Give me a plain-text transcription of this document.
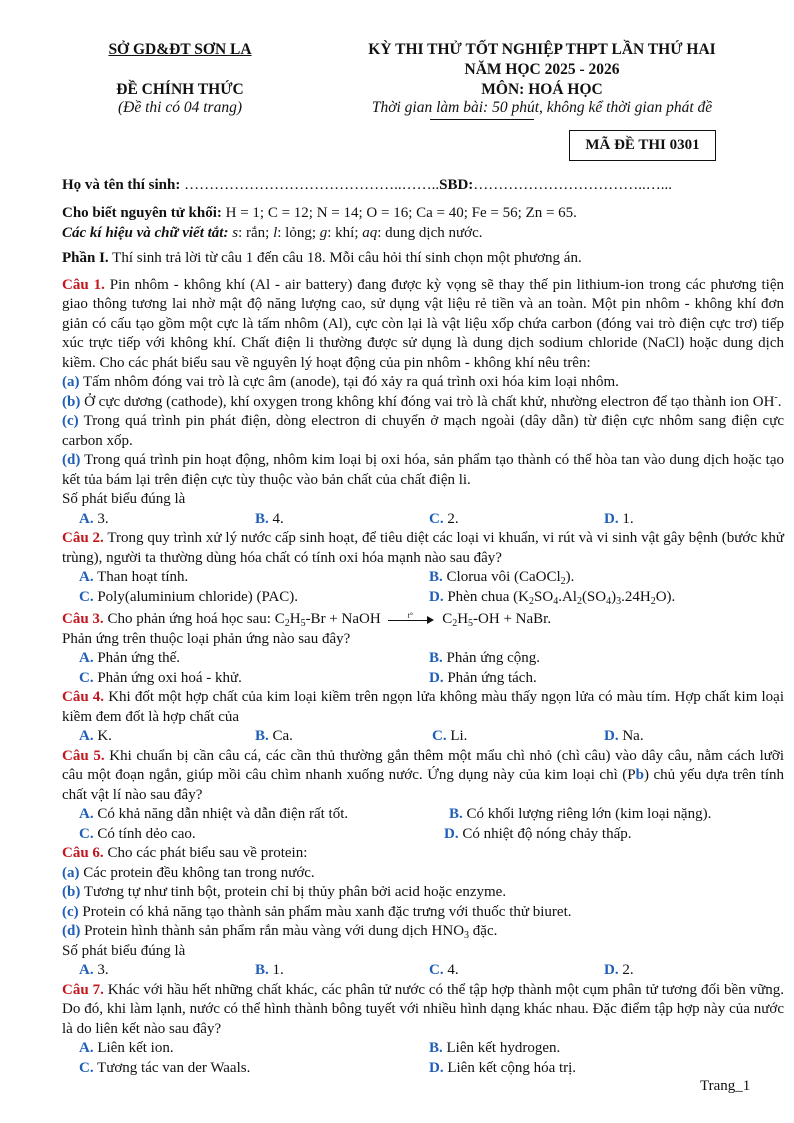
SỞ GD&ĐT SƠN LA	KỲ THI THỬ TỐT NGHIỆP THPT LẦN THỨ HAI
NĂM HỌC 2025 - 2026
ĐỀ CHÍNH THỨC	MÔN: HOÁ HỌC
(Đề thi có 04 trang)	Thời gian làm bài: 50 phút, không kể thời gian phát đề
MÃ ĐỀ THI 0301
Họ và tên thí sinh: ……………………………………..……..SBD:……………………………..…...

Cho biết nguyên tử khối: H = 1; C = 12; N = 14; O = 16; Ca = 40; Fe = 56; Zn = 65.

Các kí hiệu và chữ viết tắt: s: rắn; l: lỏng; g: khí; aq: dung dịch nước.

Phần I. Thí sinh trả lời từ câu 1 đến câu 18. Mỗi câu hỏi thí sinh chọn một phương án.

Câu 1. Pin nhôm - không khí (Al - air battery) đang được kỳ vọng sẽ thay thế pin lithium-ion trong các phương tiện giao thông tương lai nhờ mật độ năng lượng cao, sử dụng vật liệu rẻ tiền và an toàn. Một pin nhôm - không khí đơn giản có cấu tạo gồm một cực là tấm nhôm (Al), cực còn lại là vật liệu xốp chứa carbon (đóng vai trò điện cực trơ) tiếp xúc trực tiếp với không khí. Chất điện li thường được sử dụng là dung dịch sodium chloride (NaCl) hoặc dung dịch kiềm. Cho các phát biểu sau về nguyên lý hoạt động của pin nhôm - không khí nêu trên:

(a) Tấm nhôm đóng vai trò là cực âm (anode), tại đó xảy ra quá trình oxi hóa kim loại nhôm.

(b) Ở cực dương (cathode), khí oxygen trong không khí đóng vai trò là chất khử, nhường electron để tạo thành ion OH-.

(c) Trong quá trình pin phát điện, dòng electron di chuyển ở mạch ngoài (dây dẫn) từ điện cực nhôm sang điện cực carbon xốp.

(d) Trong quá trình pin hoạt động, nhôm kim loại bị oxi hóa, sản phẩm tạo thành có thể hòa tan vào dung dịch hoặc tạo kết tủa bám lại trên điện cực tùy thuộc vào bản chất của chất điện li.

Số phát biểu đúng là

A. 3.	B. 4.	C. 2.	D. 1.

Câu 2. Trong quy trình xử lý nước cấp sinh hoạt, để tiêu diệt các loại vi khuẩn, vi rút và vi sinh vật gây bệnh (bước khử trùng), người ta thường dùng hóa chất có tính oxi hóa mạnh nào sau đây?

A. Than hoạt tính.	B. Clorua vôi (CaOCl$_2$).
C. Poly(aluminium chloride) (PAC).	D. Phèn chua $(K_2SO_4.Al_2(SO_4)_3.24H_2O)$.

Câu 3. Cho phản ứng hoá học sau: $C_2H_5-Br$ + NaOH	t° $C_2H_5-OH$ + NaBr.

Phản ứng trên thuộc loại phản ứng nào sau đây?

A. Phản ứng thế.	B. Phản ứng cộng.
C. Phản ứng oxi hoá - khử.	D. Phản ứng tách.

Câu 4. Khi đốt một hợp chất của kim loại kiềm trên ngọn lửa không màu thấy ngọn lửa có màu tím. Hợp chất kim loại kiềm đem đốt là hợp chất của

A. K.	B. Ca.	C. Li.	D. Na.

Câu 5. Khi chuẩn bị cần câu cá, các cần thủ thường gắn thêm một mẩu chì nhỏ (chì câu) vào dây câu, nằm cách lưỡi câu một đoạn ngắn, giúp mồi câu chìm nhanh xuống nước. Ứng dụng này của kim loại chì (Pb) chủ yếu dựa trên tính chất vật lí nào sau đây?

A. Có khả năng dẫn nhiệt và dẫn điện rất tốt.	B. Có khối lượng riêng lớn (kim loại nặng).
C. Có tính dẻo cao.	D. Có nhiệt độ nóng chảy thấp.

Câu 6. Cho các phát biểu sau về protein:

(a) Các protein đều không tan trong nước.

(b) Tương tự như tinh bột, protein chỉ bị thủy phân bởi acid hoặc enzyme.

(c) Protein có khả năng tạo thành sản phẩm màu xanh đặc trưng với thuốc thử biuret.

(d) Protein hình thành sản phẩm rắn màu vàng với dung dịch $HNO_3$ đặc.

Số phát biểu đúng là

A. 3.	B. 1.	C. 4.	D. 2.

Câu 7. Khác với hầu hết những chất khác, các phân tử nước có thể tập hợp thành một cụm phân tử tương đối bền vững. Do đó, khi làm lạnh, nước có thể hình thành bông tuyết với nhiều hình dạng khác nhau. Đặc điểm tập hợp này của nước là do liên kết nào sau đây?

A. Liên kết ion.	B. Liên kết hydrogen.
C. Tương tác van der Waals.	D. Liên kết cộng hóa trị.
Trang_1
